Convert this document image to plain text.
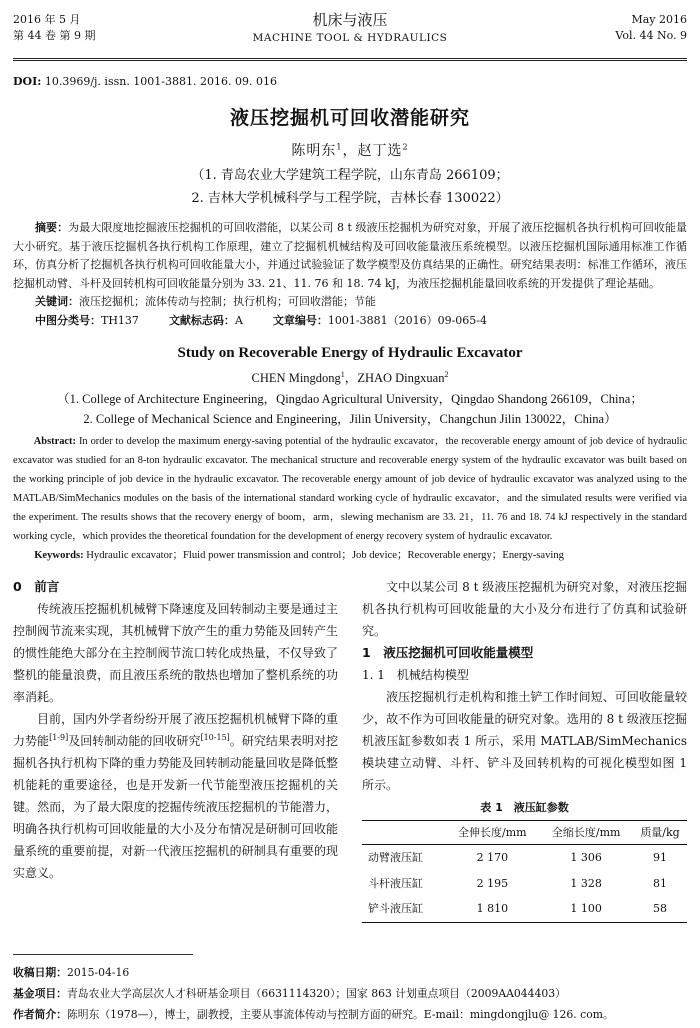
2016 年 5 月
第 44 卷 第 9 期
机床与液压
MACHINE TOOL & HYDRAULICS
May 2016
Vol. 44 No. 9
DOI: 10.3969/j. issn. 1001-3881. 2016. 09. 016
液压挖掘机可回收潜能研究
陈明东$^1$，赵丁选$^2$
（1. 青岛农业大学建筑工程学院，山东青岛 266109；
2. 吉林大学机械科学与工程学院，吉林长春 130022）
摘要：为最大限度地挖掘液压挖掘机的可回收潜能，以某公司 8 t 级液压挖掘机为研究对象，开展了液压挖掘机各执行机构可回收能量大小研究。基于液压挖掘机各执行机构工作原理，建立了挖掘机机械结构及可回收能量液压系统模型。以液压挖掘机国际通用标准工作循环，仿真分析了挖掘机各执行机构可回收能量大小，并通过试验验证了数学模型及仿真结果的正确性。研究结果表明：标准工作循环，液压挖掘机动臂、斗杆及回转机构可回收能量分别为 33. 21、11. 76 和 18. 74 kJ，为液压挖掘机能量回收系统的开发提供了理论基础。
关键词：液压挖掘机；流体传动与控制；执行机构；可回收潜能；节能
中图分类号：TH137	文献标志码：A	文章编号：1001-3881（2016）09-065-4
Study on Recoverable Energy of Hydraulic Excavator
CHEN Mingdong$^1$，ZHAO Dingxuan$^2$
（1. College of Architecture Engineering，Qingdao Agricultural University，Qingdao Shandong 266109，China；
2. College of Mechanical Science and Engineering，Jilin University，Changchun Jilin 130022，China）
Abstract: In order to develop the maximum energy-saving potential of the hydraulic excavator，the recoverable energy amount of job device of hydraulic excavator was studied for an 8-ton hydraulic excavator. The mechanical structure and recoverable energy system of the hydraulic excavator was built based on the working principle of job device in the hydraulic excavator. The recoverable energy amount of job device of hydraulic excavator was analyzed using to the MATLAB/SimMechanics modules on the basis of the international standard working cycle of hydraulic excavator，and the simulated results were verified via the experiment. The results shows that the recovery energy of boom，arm，slewing mechanism are 33. 21，11. 76 and 18. 74 kJ respectively in the standard working cycle，which provides the theoretical foundation for the development of energy recovery system of hydraulic excavator.
Keywords: Hydraulic excavator；Fluid power transmission and control；Job device；Recoverable energy；Energy-saving
0　前言
传统液压挖掘机机械臂下降速度及回转制动主要是通过主控制阀节流来实现，其机械臂下放产生的重力势能及回转产生的惯性能绝大部分在主控制阀节流口转化成热量，不仅导致了整机的能量浪费，而且液压系统的散热也增加了整机系统的功率消耗。
目前，国内外学者纷纷开展了液压挖掘机机械臂下降的重力势能[1-9]及回转制动能的回收研究[10-15]。研究结果表明对挖掘机各执行机构下降的重力势能及回转制动能量回收是降低整机能耗的重要途径，也是开发新一代节能型液压挖掘机的关键。然而，为了最大限度的挖掘传统液压挖掘机的节能潜力，明确各执行机构可回收能量的大小及分布情况是研制可回收能量系统的重要前提，对新一代液压挖掘机的研制具有重要的现实意义。
文中以某公司 8 t 级液压挖掘机为研究对象，对液压挖掘机各执行机构可回收能量的大小及分布进行了仿真和试验研究。
1　液压挖掘机可回收能量模型
1. 1　机械结构模型
液压挖掘机行走机构和推土铲工作时间短、可回收能量较少，故不作为可回收能量的研究对象。选用的 8 t 级液压挖掘机液压缸参数如表 1 所示，采用 MATLAB/SimMechanics 模块建立动臂、斗杆、铲斗及回转机构的可视化模型如图 1 所示。
表 1　液压缸参数
	全伸长度/mm	全缩长度/mm	质量/kg
动臂液压缸	2 170	1 306	91
斗杆液压缸	2 195	1 328	81
铲斗液压缸	1 810	1 100	58
收稿日期：2015-04-16
基金项目：青岛农业大学高层次人才科研基金项目（6631114320）；国家 863 计划重点项目（2009AA044403）
作者简介：陈明东（1978—），博士，副教授，主要从事流体传动与控制方面的研究。E-mail：mingdongjlu@ 126. com。
